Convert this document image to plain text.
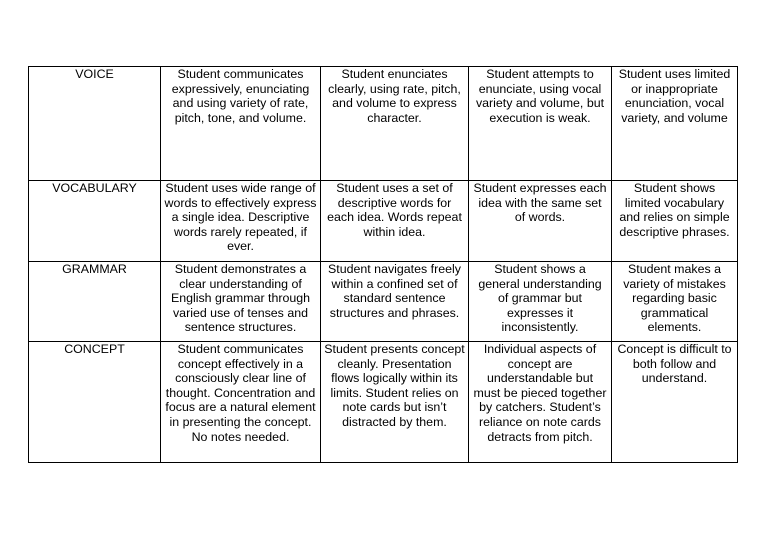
VOICE	Student communicates expressively, enunciating and using variety of rate, pitch, tone, and volume.	Student enunciates clearly, using rate, pitch, and volume to express character.	Student attempts to enunciate, using vocal variety and volume, but execution is weak.	Student uses limited or inappropriate enunciation, vocal variety, and volume
VOCABULARY	Student uses wide range of words to effectively express a single idea. Descriptive words rarely repeated, if ever.	Student uses a set of descriptive words for each idea. Words repeat within idea.	Student expresses each idea with the same set of words.	Student shows limited vocabulary and relies on simple descriptive phrases.
GRAMMAR	Student demonstrates a clear understanding of English grammar through varied use of tenses and sentence structures.	Student navigates freely within a confined set of standard sentence structures and phrases.	Student shows a general understanding of grammar but expresses it inconsistently.	Student makes a variety of mistakes regarding basic grammatical elements.
CONCEPT	Student communicates concept effectively in a consciously clear line of thought. Concentration and focus are a natural element in presenting the concept. No notes needed.	Student presents concept cleanly. Presentation flows logically within its limits. Student relies on note cards but isn’t distracted by them.	Individual aspects of concept are understandable but must be pieced together by catchers. Student’s reliance on note cards detracts from pitch.	Concept is difficult to both follow and understand.
